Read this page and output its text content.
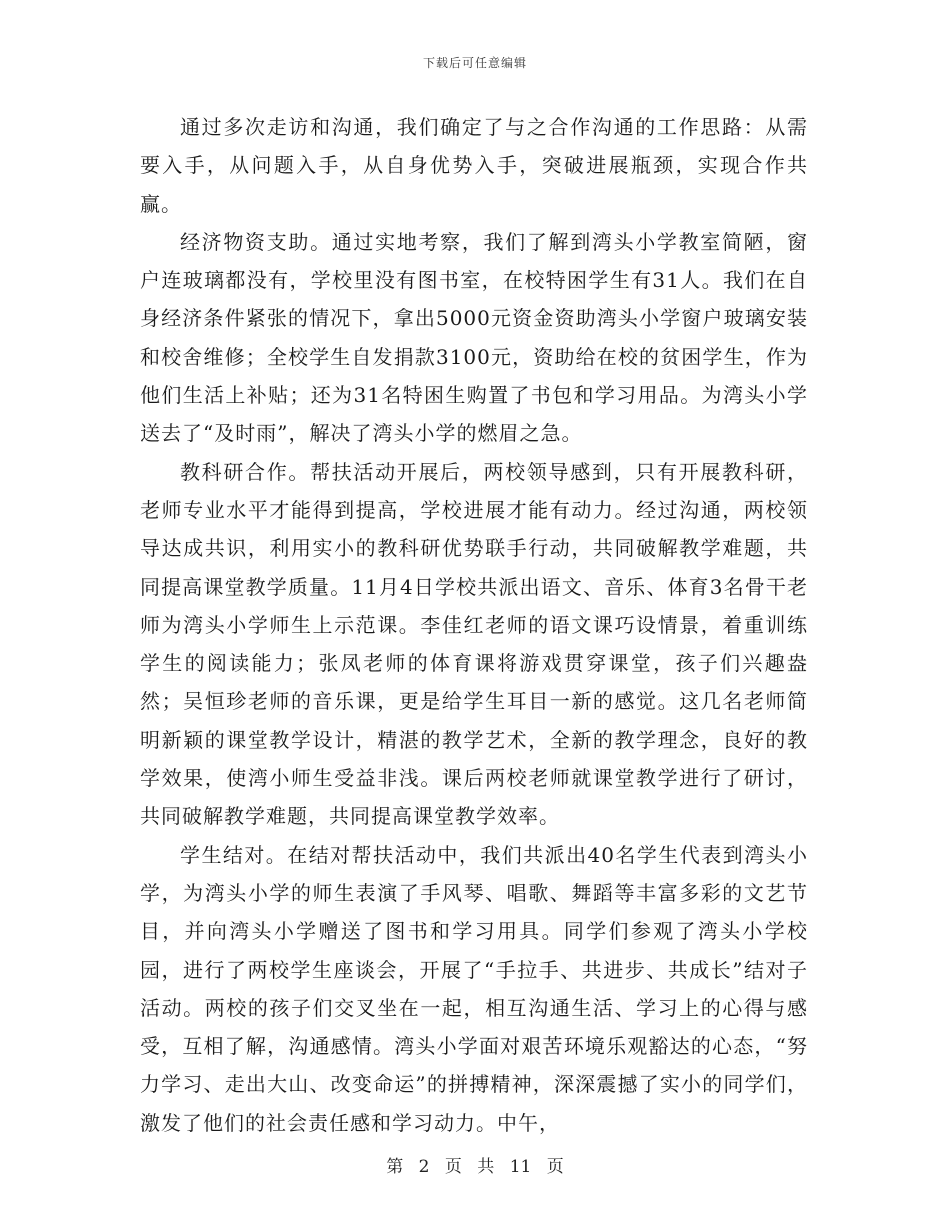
下载后可任意编辑

通过多次走访和沟通，我们确定了与之合作沟通的工作思路：从需要入手，从问题入手，从自身优势入手，突破进展瓶颈，实现合作共赢。

经济物资支助。通过实地考察，我们了解到湾头小学教室简陋，窗户连玻璃都没有，学校里没有图书室，在校特困学生有31人。我们在自身经济条件紧张的情况下，拿出5000元资金资助湾头小学窗户玻璃安装和校舍维修；全校学生自发捐款3100元，资助给在校的贫困学生，作为他们生活上补贴；还为31名特困生购置了书包和学习用品。为湾头小学送去了“及时雨”，解决了湾头小学的燃眉之急。

教科研合作。帮扶活动开展后，两校领导感到，只有开展教科研，老师专业水平才能得到提高，学校进展才能有动力。经过沟通，两校领导达成共识，利用实小的教科研优势联手行动，共同破解教学难题，共同提高课堂教学质量。11月4日学校共派出语文、音乐、体育3名骨干老师为湾头小学师生上示范课。李佳红老师的语文课巧设情景，着重训练学生的阅读能力；张凤老师的体育课将游戏贯穿课堂，孩子们兴趣盎然；吴恒珍老师的音乐课，更是给学生耳目一新的感觉。这几名老师简明新颖的课堂教学设计，精湛的教学艺术，全新的教学理念，良好的教学效果，使湾小师生受益非浅。课后两校老师就课堂教学进行了研讨，共同破解教学难题，共同提高课堂教学效率。

学生结对。在结对帮扶活动中，我们共派出40名学生代表到湾头小学，为湾头小学的师生表演了手风琴、唱歌、舞蹈等丰富多彩的文艺节目，并向湾头小学赠送了图书和学习用具。同学们参观了湾头小学校园，进行了两校学生座谈会，开展了“手拉手、共进步、共成长”结对子活动。两校的孩子们交叉坐在一起，相互沟通生活、学习上的心得与感受，互相了解，沟通感情。湾头小学面对艰苦环境乐观豁达的心态，“努力学习、走出大山、改变命运”的拼搏精神，深深震撼了实小的同学们，激发了他们的社会责任感和学习动力。中午，

第 2 页 共 11 页
